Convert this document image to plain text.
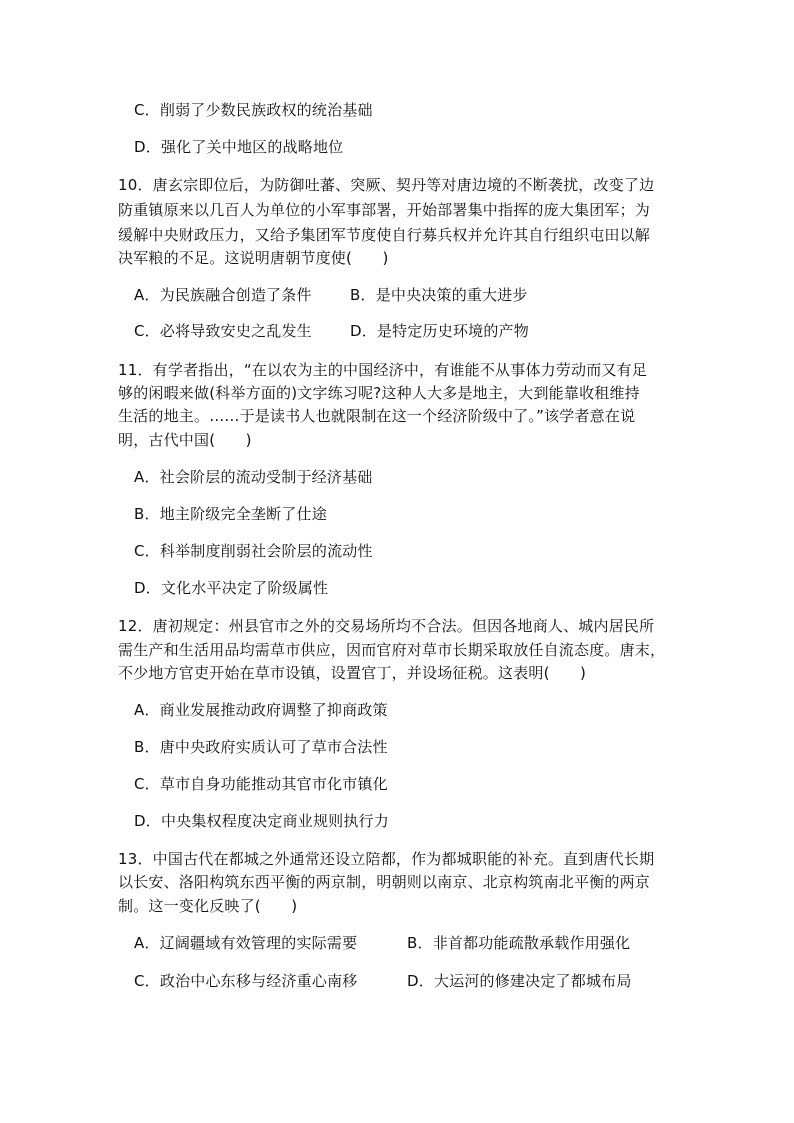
C．削弱了少数民族政权的统治基础
D．强化了关中地区的战略地位
10．唐玄宗即位后，为防御吐蕃、突厥、契丹等对唐边境的不断袭扰，改变了边
防重镇原来以几百人为单位的小军事部署，开始部署集中指挥的庞大集团军；为
缓解中央财政压力，又给予集团军节度使自行募兵权并允许其自行组织屯田以解
决军粮的不足。这说明唐朝节度使(　　)
A．为民族融合创造了条件	B．是中央决策的重大进步
C．必将导致安史之乱发生	D．是特定历史环境的产物
11．有学者指出，“在以农为主的中国经济中，有谁能不从事体力劳动而又有足
够的闲暇来做(科举方面的)文字练习呢?这种人大多是地主，大到能靠收租维持
生活的地主。……于是读书人也就限制在这一个经济阶级中了。”该学者意在说
明，古代中国(　　)
A．社会阶层的流动受制于经济基础
B．地主阶级完全垄断了仕途
C．科举制度削弱社会阶层的流动性
D．文化水平决定了阶级属性
12．唐初规定：州县官市之外的交易场所均不合法。但因各地商人、城内居民所
需生产和生活用品均需草市供应，因而官府对草市长期采取放任自流态度。唐末，
不少地方官吏开始在草市设镇，设置官丁，并设场征税。这表明(　　)
A．商业发展推动政府调整了抑商政策
B．唐中央政府实质认可了草市合法性
C．草市自身功能推动其官市化市镇化
D．中央集权程度决定商业规则执行力
13．中国古代在都城之外通常还设立陪都，作为都城职能的补充。直到唐代长期
以长安、洛阳构筑东西平衡的两京制，明朝则以南京、北京构筑南北平衡的两京
制。这一变化反映了(　　)
A．辽阔疆域有效管理的实际需要	B．非首都功能疏散承载作用强化
C．政治中心东移与经济重心南移	D．大运河的修建决定了都城布局
